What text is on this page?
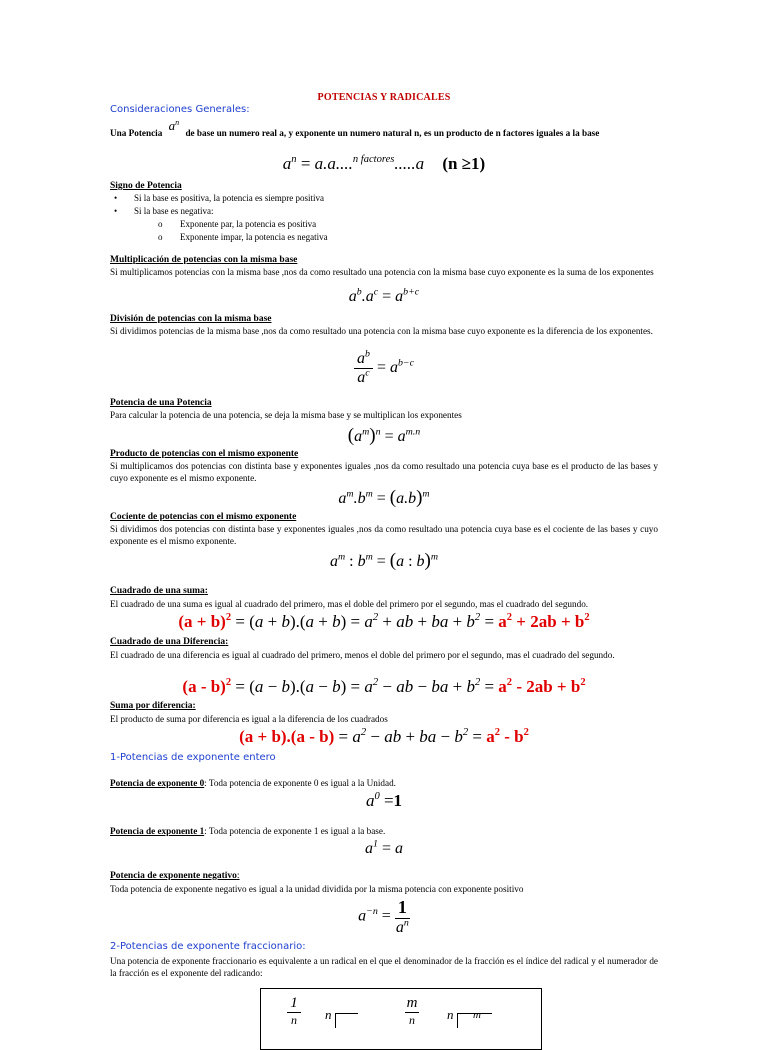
POTENCIAS Y RADICALES
Consideraciones Generales:
Una Potencia $a^n$ de base un numero real a, y exponente un numero natural n, es un producto de n factores iguales a la base
$a^n = a.a....^{n factores}.....a$ (n ≥1)
Signo de Potencia
• Si la base es positiva, la potencia es siempre positiva
• Si la base es negativa:
o Exponente par, la potencia es positiva
o Exponente impar, la potencia es negativa
Multiplicación de potencias con la misma base
Si multiplicamos potencias con la misma base ,nos da como resultado una potencia con la misma base cuyo exponente es la suma de los exponentes
$a^b.a^c = a^{b+c}$
División de potencias con la misma base
Si dividimos potencias de la misma base ,nos da como resultado una potencia con la misma base cuyo exponente es la diferencia de los exponentes.
$\frac{a^b}{a^c} = a^{b-c}$
Potencia de una Potencia
Para calcular la potencia de una potencia, se deja la misma base y se multiplican los exponentes
$(a^m)^n = a^{m.n}$
Producto de potencias con el mismo exponente
Si multiplicamos dos potencias con distinta base y exponentes iguales ,nos da como resultado una potencia cuya base es el producto de las bases y cuyo exponente es el mismo exponente.
$a^m.b^m = (a.b)^m$
Cociente de potencias con el mismo exponente
Si dividimos dos potencias con distinta base y exponentes iguales ,nos da como resultado una potencia cuya base es el cociente de las bases y cuyo exponente es el mismo exponente.
$a^m$ : $b^m = (a$ : b)$^m$
Cuadrado de una suma:
El cuadrado de una suma es igual al cuadrado del primero, mas el doble del primero por el segundo, mas el cuadrado del segundo.
$(a + b)^2 = (a + b).(a + b) = a^2$ + ab + ba + $b^2 = a^2 + 2ab + b^2$
Cuadrado de una Diferencia:
El cuadrado de una diferencia es igual al cuadrado del primero, menos el doble del primero por el segundo, mas el cuadrado del segundo.
$(a - b)^2 = (a - b).(a - b) = a^2$ − ab − ba + $b^2 = a^2 - 2ab + b^2$
Suma por diferencia:
El producto de suma por diferencia es igual a la diferencia de los cuadrados
$(a + b).(a - b) = a^2$ − ab + ba − $b^2 = a^2 - b^2$
1-Potencias de exponente entero
Potencia de exponente 0: Toda potencia de exponente 0 es igual a la Unidad.
$a^0 =1$
Potencia de exponente 1: Toda potencia de exponente 1 es igual a la base.
$a^1 = a$
Potencia de exponente negativo:
Toda potencia de exponente negativo es igual a la unidad dividida por la misma potencia con exponente positivo
$a^{-n} = \frac{1}{a^n}$
2-Potencias de exponente fraccionario:
Una potencia de exponente fraccionario es equivalente a un radical en el que el denominador de la fracción es el índice del radical y el numerador de la fracción es el exponente del radicando:
1
n	n
m
n	n m
